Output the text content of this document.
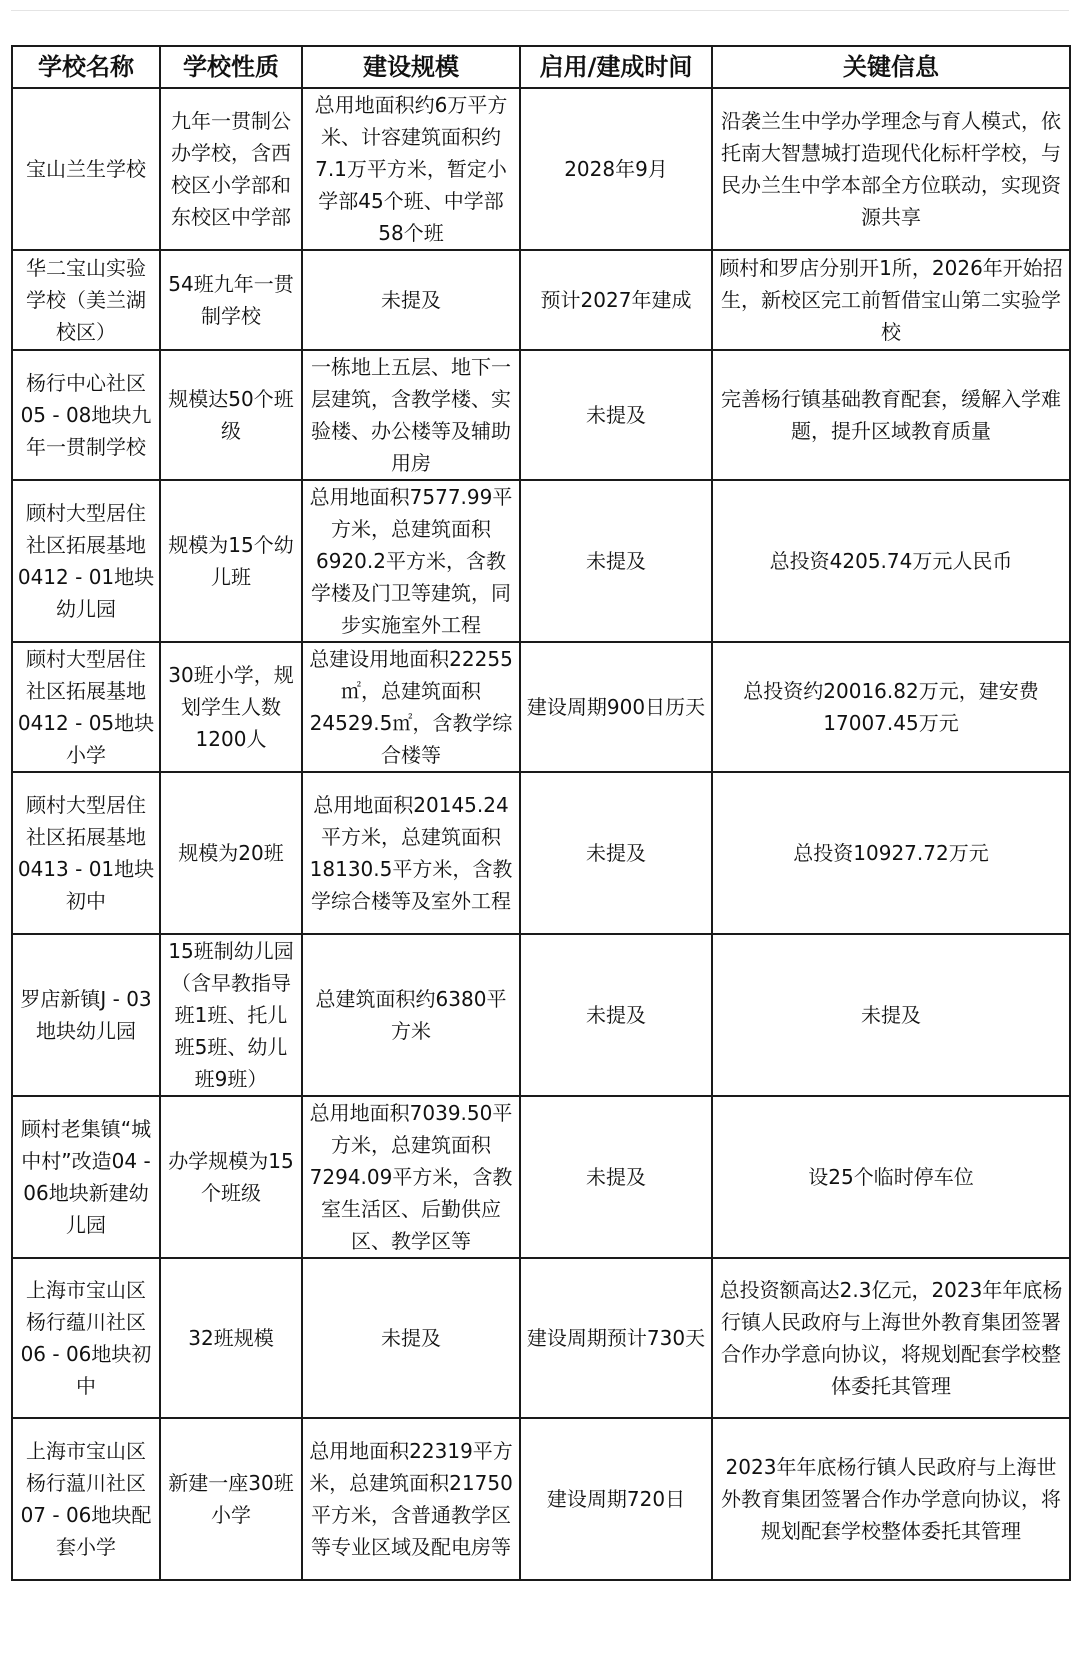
学校名称	学校性质	建设规模	启用/建成时间	关键信息
宝山兰生学校	九年一贯制公办学校，含西校区小学部和东校区中学部	总用地面积约6万平方米、计容建筑面积约7.1万平方米，暂定小学部45个班、中学部58个班	2028年9月	沿袭兰生中学办学理念与育人模式，依托南大智慧城打造现代化标杆学校，与民办兰生中学本部全方位联动，实现资源共享
华二宝山实验学校（美兰湖校区）	54班九年一贯制学校	未提及	预计2027年建成	顾村和罗店分别开1所，2026年开始招生，新校区完工前暂借宝山第二实验学校
杨行中心社区05 - 08地块九年一贯制学校	规模达50个班级	一栋地上五层、地下一层建筑，含教学楼、实验楼、办公楼等及辅助用房	未提及	完善杨行镇基础教育配套，缓解入学难题，提升区域教育质量
顾村大型居住社区拓展基地0412 - 01地块幼儿园	规模为15个幼儿班	总用地面积7577.99平方米，总建筑面积6920.2平方米，含教学楼及门卫等建筑，同步实施室外工程	未提及	总投资4205.74万元人民币
顾村大型居住社区拓展基地0412 - 05地块小学	30班小学，规划学生人数1200人	总建设用地面积22255㎡，总建筑面积24529.5㎡，含教学综合楼等	建设周期900日历天	总投资约20016.82万元，建安费17007.45万元
顾村大型居住社区拓展基地0413 - 01地块初中	规模为20班	总用地面积20145.24平方米，总建筑面积18130.5平方米，含教学综合楼等及室外工程	未提及	总投资10927.72万元
罗店新镇J - 03地块幼儿园	15班制幼儿园（含早教指导班1班、托儿班5班、幼儿班9班）	总建筑面积约6380平方米	未提及	未提及
顾村老集镇“城中村”改造04 - 06地块新建幼儿园	办学规模为15个班级	总用地面积7039.50平方米，总建筑面积7294.09平方米，含教室生活区、后勤供应区、教学区等	未提及	设25个临时停车位
上海市宝山区杨行蕴川社区06 - 06地块初中	32班规模	未提及	建设周期预计730天	总投资额高达2.3亿元，2023年年底杨行镇人民政府与上海世外教育集团签署合作办学意向协议，将规划配套学校整体委托其管理
上海市宝山区杨行蕰川社区07 - 06地块配套小学	新建一座30班小学	总用地面积22319平方米，总建筑面积21750平方米，含普通教学区等专业区域及配电房等	建设周期720日	2023年年底杨行镇人民政府与上海世外教育集团签署合作办学意向协议，将规划配套学校整体委托其管理
